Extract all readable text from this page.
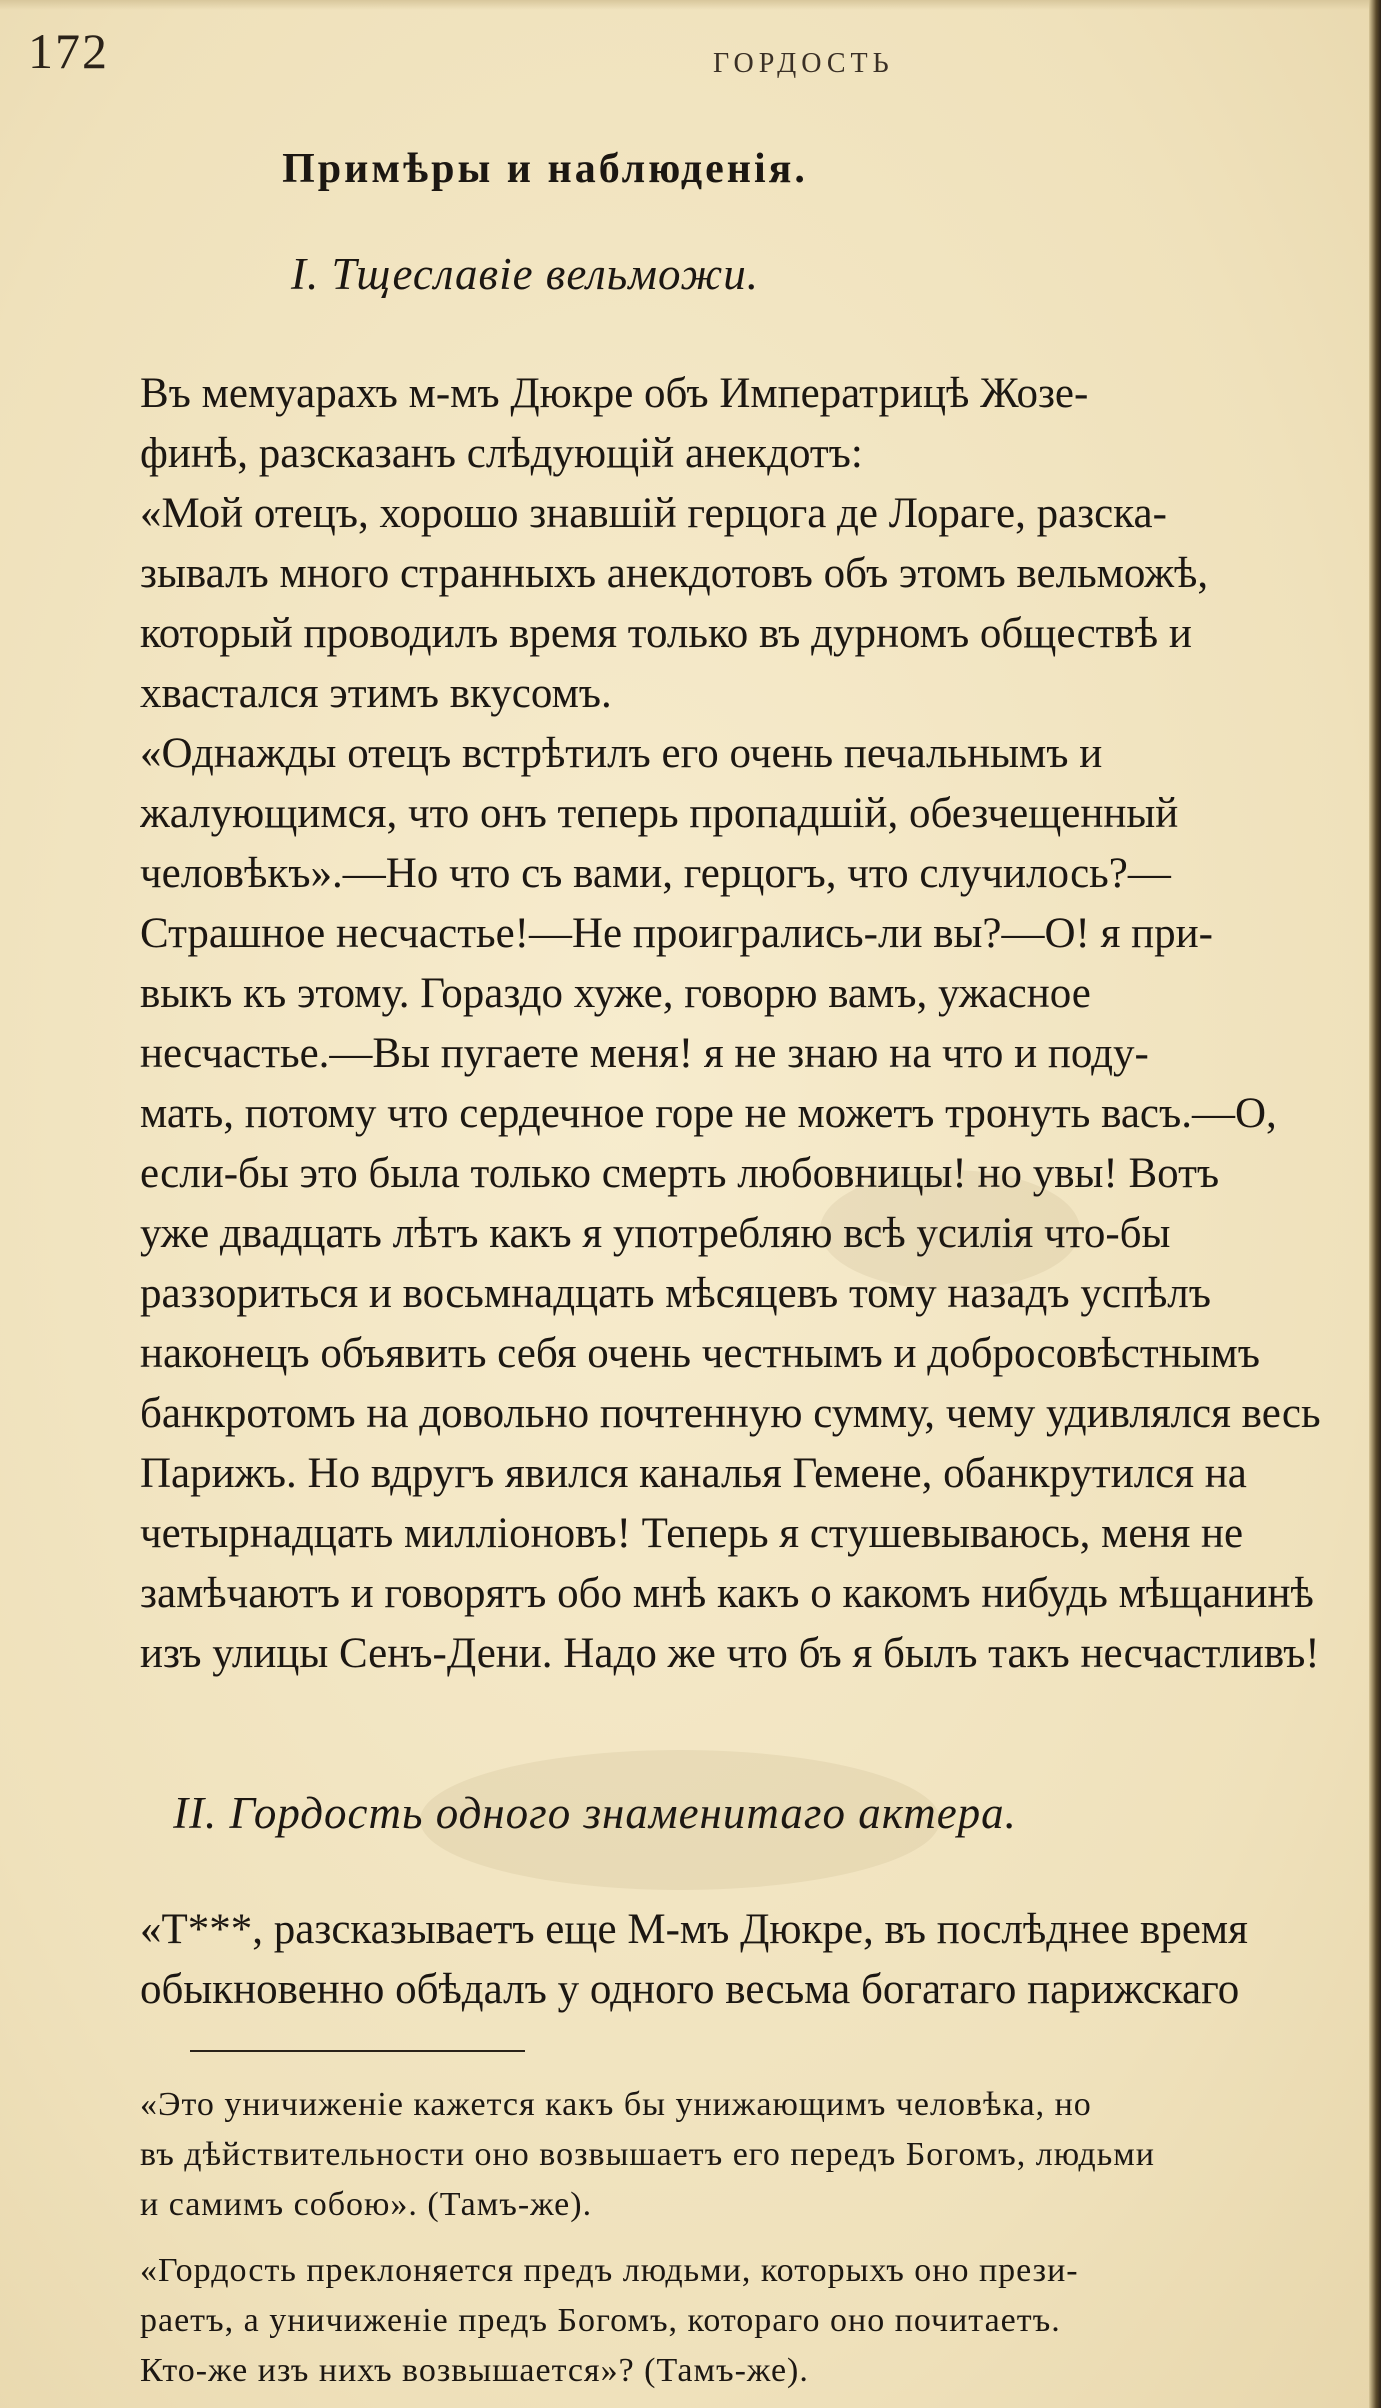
172	ГОРДОСТЬ
Примѣры и наблюденія.
I. Тщеславіе вельможи.
Въ мемуарахъ м-мъ Дюкре объ Императрицѣ Жозе-
финѣ, разсказанъ слѣдующій анекдотъ:
«Мой отецъ, хорошо знавшій герцога де Лораге, разска-
зывалъ много странныхъ анекдотовъ объ этомъ вельможѣ,
который проводилъ время только въ дурномъ обществѣ и
хвастался этимъ вкусомъ.
«Однажды отецъ встрѣтилъ его очень печальнымъ и
жалующимся, что онъ теперь пропадшій, обезчещенный
человѣкъ».—Но что съ вами, герцогъ, что случилось?—
Страшное несчастье!—Не проигрались-ли вы?—О! я при-
выкъ къ этому. Гораздо хуже, говорю вамъ, ужасное
несчастье.—Вы пугаете меня! я не знаю на что и поду-
мать, потому что сердечное горе не можетъ тронуть васъ.—О,
если-бы это была только смерть любовницы! но увы! Вотъ
уже двадцать лѣтъ какъ я употребляю всѣ усилія что-бы
раззориться и восьмнадцать мѣсяцевъ тому назадъ успѣлъ
наконецъ объявить себя очень честнымъ и добросовѣстнымъ
банкротомъ на довольно почтенную сумму, чему удивлялся весь
Парижъ. Но вдругъ явился каналья Гемене, обанкрутился на
четырнадцать милліоновъ! Теперь я стушевываюсь, меня не
замѣчаютъ и говорятъ обо мнѣ какъ о какомъ нибудь мѣщанинѣ
изъ улицы Сенъ-Дени. Надо же что бъ я былъ такъ несчастливъ!
II. Гордость одного знаменитаго актера.
«Т***, разсказываетъ еще М-мъ Дюкре, въ послѣднее время
обыкновенно обѣдалъ у одного весьма богатаго парижскаго
«Это уничиженіе кажется какъ бы унижающимъ человѣка, но
въ дѣйствительности оно возвышаетъ его передъ Богомъ, людьми
и самимъ собою». (Тамъ-же).
«Гордость преклоняется предъ людьми, которыхъ оно прези-
раетъ, а уничиженіе предъ Богомъ, котораго оно почитаетъ.
Кто-же изъ нихъ возвышается»? (Тамъ-же).
